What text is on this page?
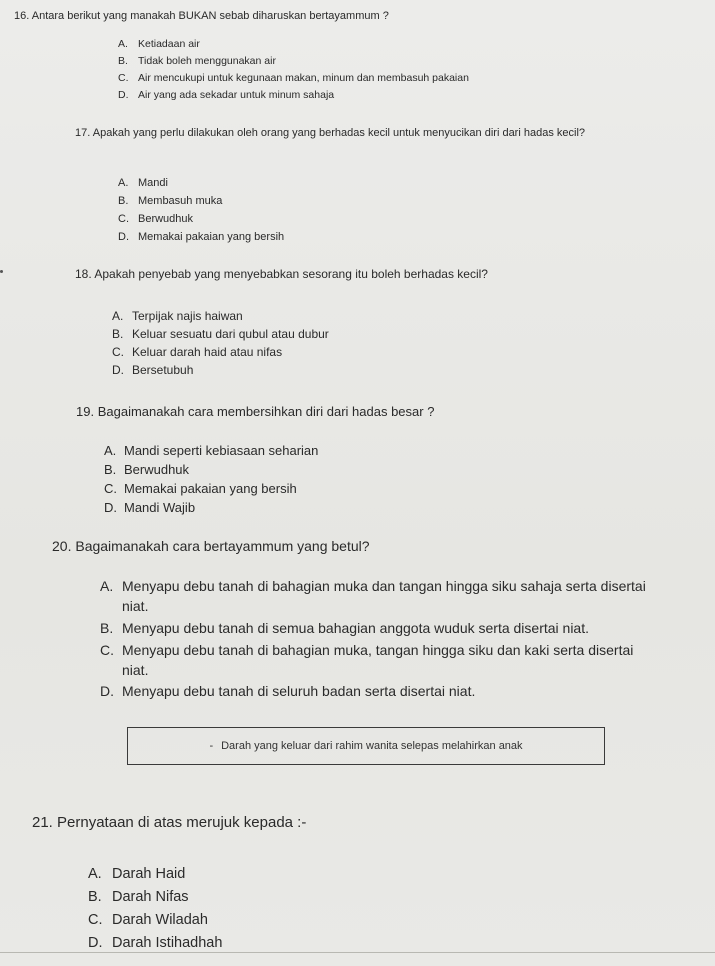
16. Antara berikut yang manakah BUKAN sebab diharuskan bertayammum ?
A. Ketiadaan air
B. Tidak boleh menggunakan air
C. Air mencukupi untuk kegunaan makan, minum dan membasuh pakaian
D. Air yang ada sekadar untuk minum sahaja
17. Apakah yang perlu dilakukan oleh orang yang berhadas kecil untuk menyucikan diri dari hadas kecil?
A. Mandi
B. Membasuh muka
C. Berwudhuk
D. Memakai pakaian yang bersih
18. Apakah penyebab yang menyebabkan sesorang itu boleh berhadas kecil?
A. Terpijak najis haiwan
B. Keluar sesuatu dari qubul atau dubur
C. Keluar darah haid atau nifas
D. Bersetubuh
19. Bagaimanakah cara membersihkan diri dari hadas besar ?
A. Mandi seperti kebiasaan seharian
B. Berwudhuk
C. Memakai pakaian yang bersih
D. Mandi Wajib
20. Bagaimanakah cara bertayammum yang betul?
A. Menyapu debu tanah di bahagian muka dan tangan hingga siku sahaja serta disertai
niat.
B. Menyapu debu tanah di semua bahagian anggota wuduk serta disertai niat.
C. Menyapu debu tanah di bahagian muka, tangan hingga siku dan kaki serta disertai
niat.
D. Menyapu debu tanah di seluruh badan serta disertai niat.
- Darah yang keluar dari rahim wanita selepas melahirkan anak
21. Pernyataan di atas merujuk kepada :-
A. Darah Haid
B. Darah Nifas
C. Darah Wiladah
D. Darah Istihadhah
